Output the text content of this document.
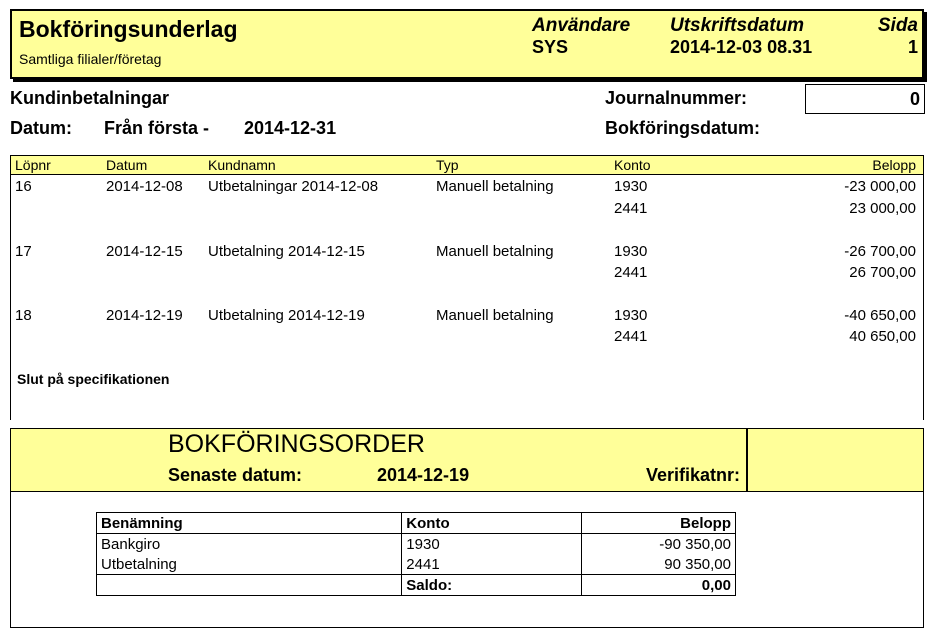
Bokföringsunderlag
Samtliga filialer/företag
Användare
SYS
Utskriftsdatum
2014-12-03 08.31
Sida
1
Kundinbetalningar
Datum: Från första - 2014-12-31
Journalnummer:	0
Bokföringsdatum:
Löpnr	Datum	Kundnamn	Typ	Konto	Belopp
16	2014-12-08 Utbetalningar 2014-12-08	Manuell betalning	1930	-23 000,00
2441	23 000,00
17	2014-12-15 Utbetalning 2014-12-15	Manuell betalning	1930	-26 700,00
2441	26 700,00
18	2014-12-19 Utbetalning 2014-12-19	Manuell betalning	1930	-40 650,00
2441	40 650,00
Slut på specifikationen
BOKFÖRINGSORDER
Senaste datum:	2014-12-19	Verifikatnr:
Benämning	Konto	Belopp
Bankgiro	1930	-90 350,00
Utbetalning	2441	90 350,00
	Saldo:	0,00
